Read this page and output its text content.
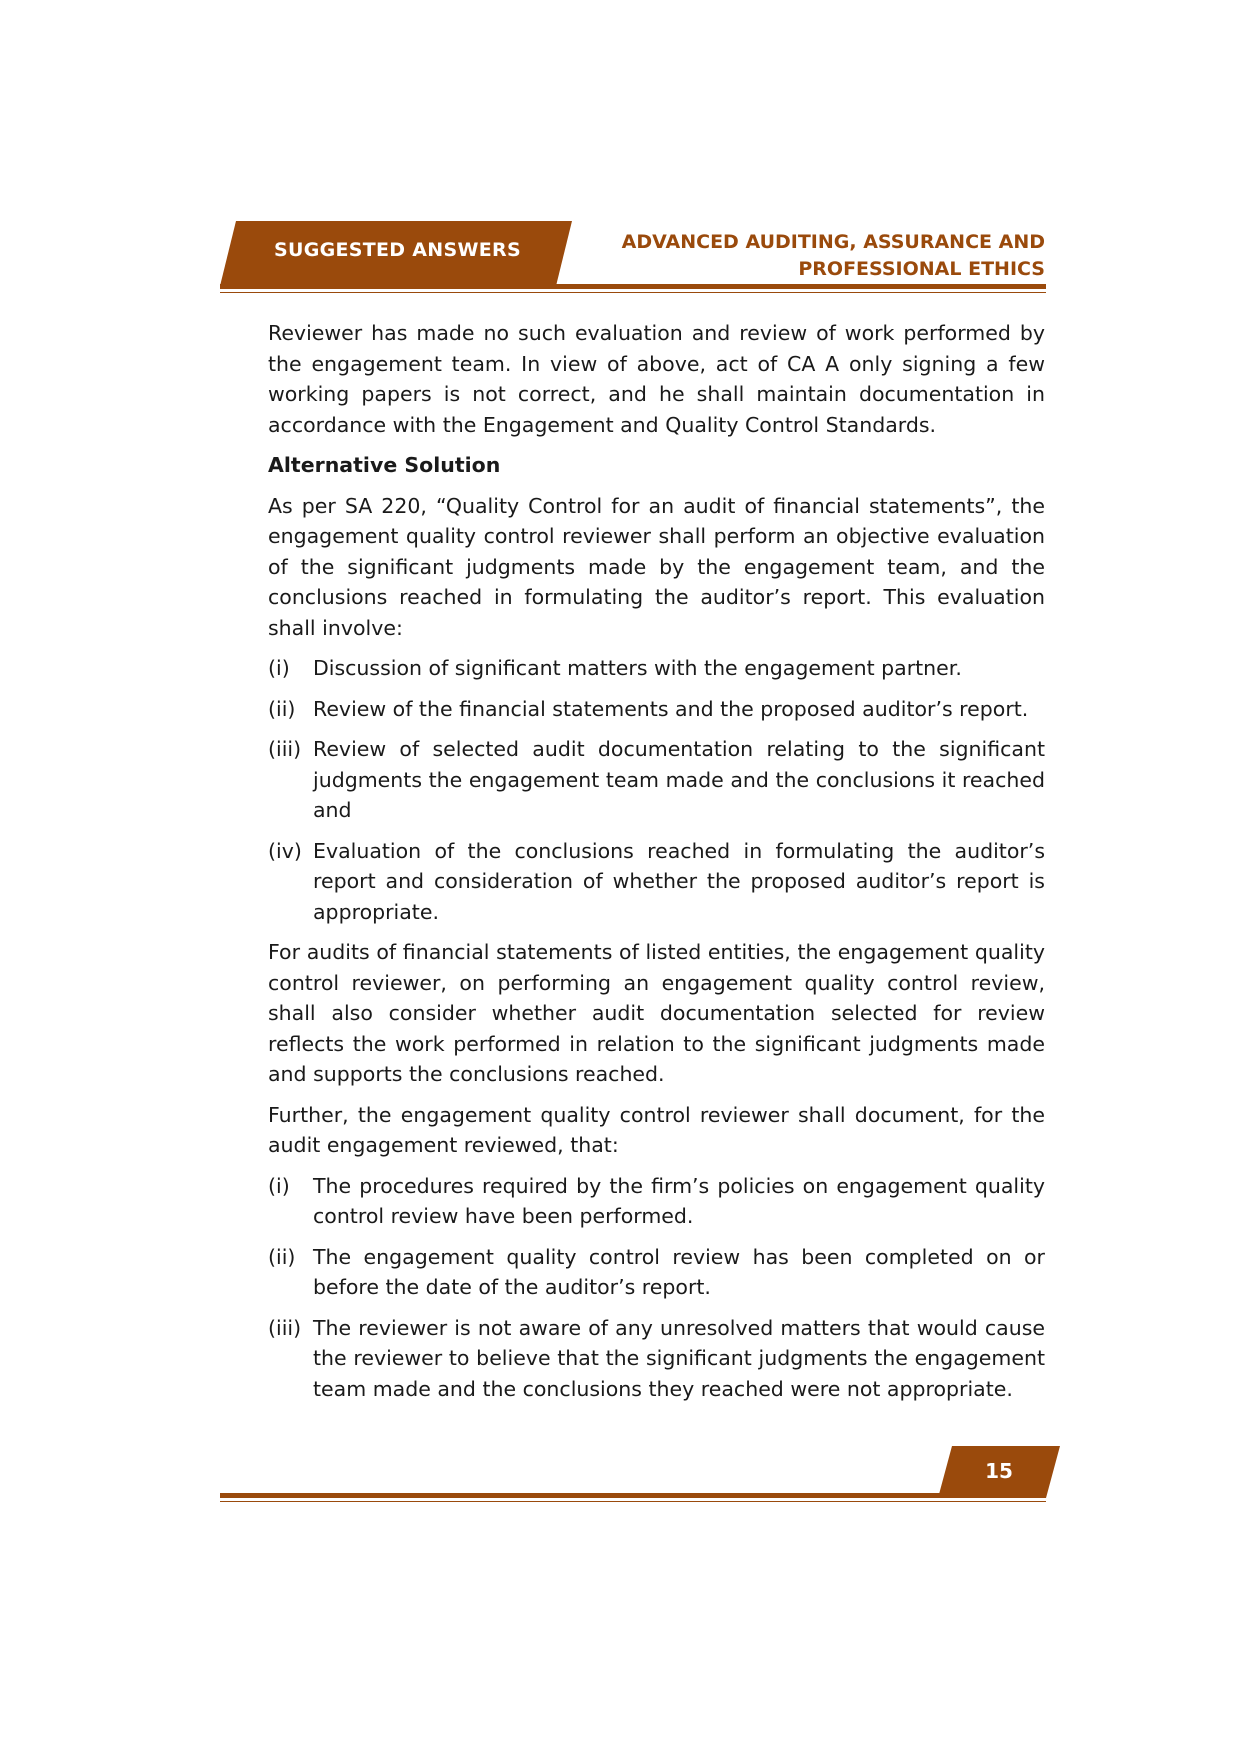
SUGGESTED ANSWERS	ADVANCED AUDITING, ASSURANCE AND
PROFESSIONAL ETHICS

Reviewer has made no such evaluation and review of work performed by the engagement team. In view of above, act of CA A only signing a few working papers is not correct, and he shall maintain documentation in accordance with the Engagement and Quality Control Standards.

Alternative Solution

As per SA 220, “Quality Control for an audit of financial statements”, the engagement quality control reviewer shall perform an objective evaluation of the significant judgments made by the engagement team, and the conclusions reached in formulating the auditor’s report. This evaluation shall involve:

(i)	Discussion of significant matters with the engagement partner.
(ii) Review of the financial statements and the proposed auditor’s report.
(iii) Review of selected audit documentation relating to the significant judgments the engagement team made and the conclusions it reached and
(iv) Evaluation of the conclusions reached in formulating the auditor’s report and consideration of whether the proposed auditor’s report is appropriate.

For audits of financial statements of listed entities, the engagement quality control reviewer, on performing an engagement quality control review, shall also consider whether audit documentation selected for review reflects the work performed in relation to the significant judgments made and supports the conclusions reached.

Further, the engagement quality control reviewer shall document, for the audit engagement reviewed, that:

(i)	The procedures required by the firm’s policies on engagement quality control review have been performed.
(ii) The engagement quality control review has been completed on or before the date of the auditor’s report.
(iii) The reviewer is not aware of any unresolved matters that would cause the reviewer to believe that the significant judgments the engagement team made and the conclusions they reached were not appropriate.
15
